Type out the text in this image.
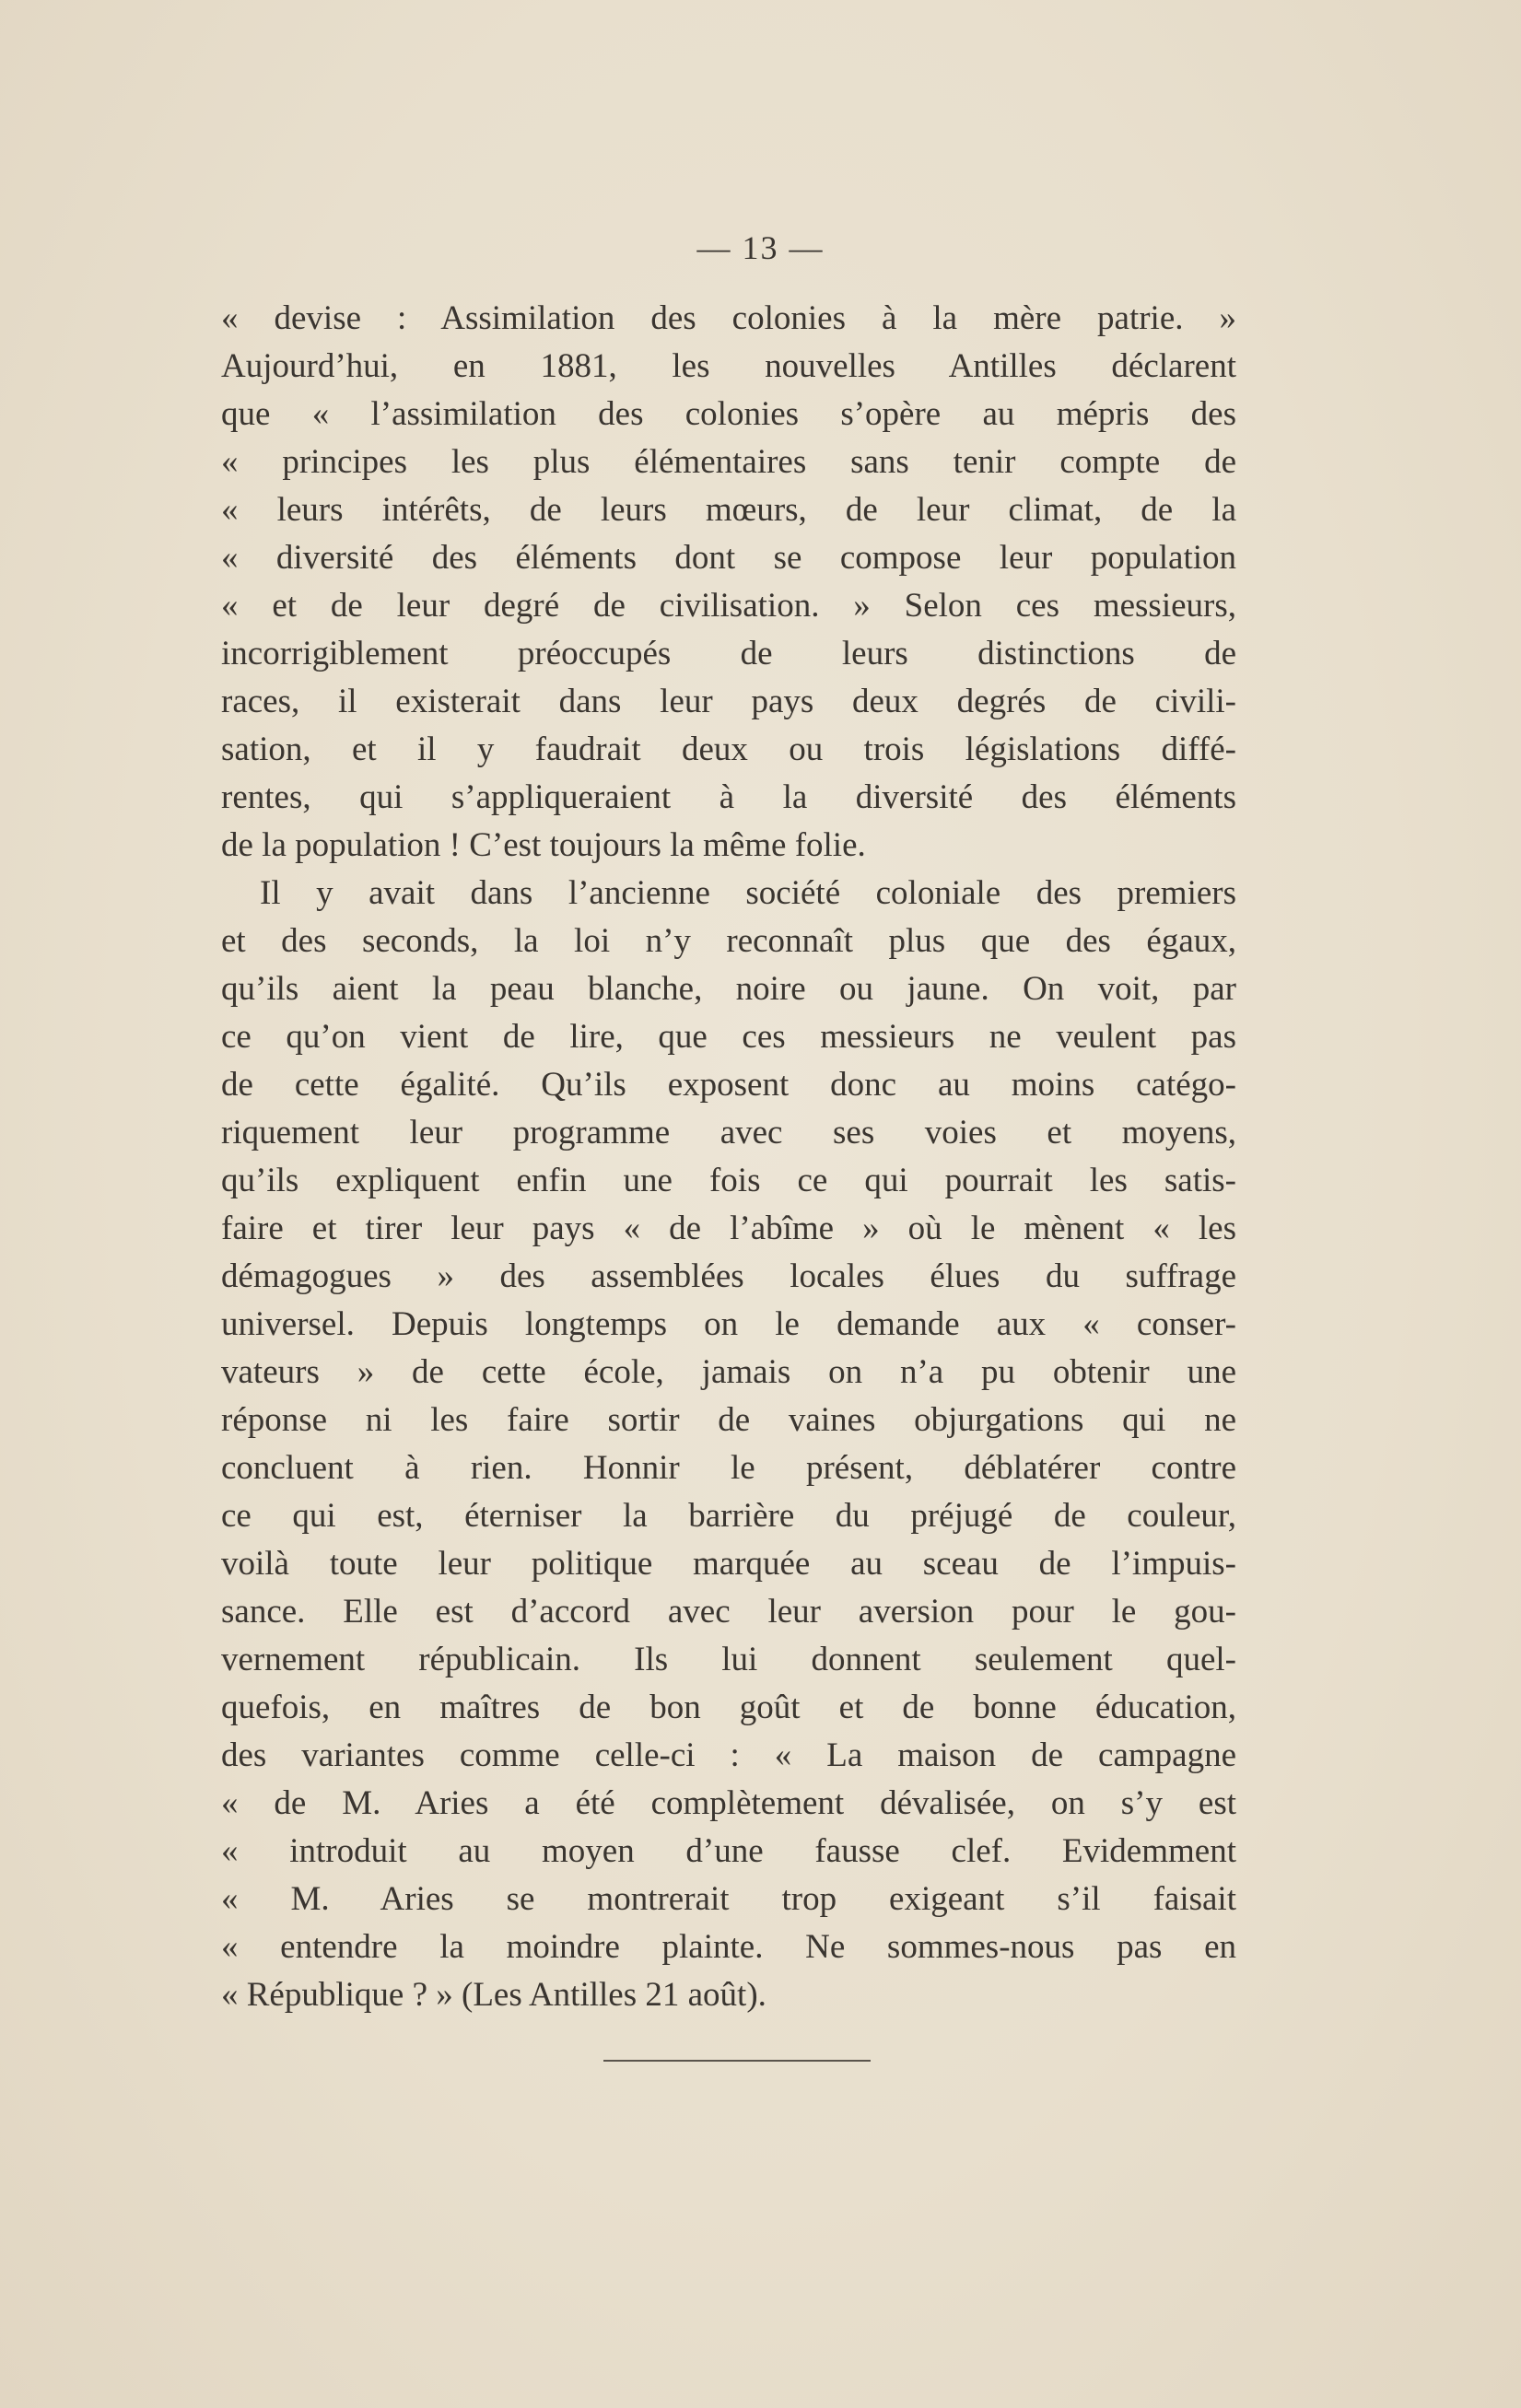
— 13 —
« devise : Assimilation des colonies à la mère patrie. »
Aujourd’hui, en 1881, les nouvelles Antilles déclarent
que « l’assimilation des colonies s’opère au mépris des
« principes les plus élémentaires sans tenir compte de
« leurs intérêts, de leurs mœurs, de leur climat, de la
« diversité des éléments dont se compose leur population
« et de leur degré de civilisation. » Selon ces messieurs,
incorrigiblement préoccupés de leurs distinctions de
races, il existerait dans leur pays deux degrés de civili-
sation, et il y faudrait deux ou trois législations diffé-
rentes, qui s’appliqueraient à la diversité des éléments
de la population ! C’est toujours la même folie.
Il y avait dans l’ancienne société coloniale des premiers
et des seconds, la loi n’y reconnaît plus que des égaux,
qu’ils aient la peau blanche, noire ou jaune. On voit, par
ce qu’on vient de lire, que ces messieurs ne veulent pas
de cette égalité. Qu’ils exposent donc au moins catégo-
riquement leur programme avec ses voies et moyens,
qu’ils expliquent enfin une fois ce qui pourrait les satis-
faire et tirer leur pays « de l’abîme » où le mènent « les
démagogues » des assemblées locales élues du suffrage
universel. Depuis longtemps on le demande aux « conser-
vateurs » de cette école, jamais on n’a pu obtenir une
réponse ni les faire sortir de vaines objurgations qui ne
concluent à rien. Honnir le présent, déblatérer contre
ce qui est, éterniser la barrière du préjugé de couleur,
voilà toute leur politique marquée au sceau de l’impuis-
sance. Elle est d’accord avec leur aversion pour le gou-
vernement républicain. Ils lui donnent seulement quel-
quefois, en maîtres de bon goût et de bonne éducation,
des variantes comme celle-ci : « La maison de campagne
« de M. Aries a été complètement dévalisée, on s’y est
« introduit au moyen d’une fausse clef. Evidemment
« M. Aries se montrerait trop exigeant s’il faisait
« entendre la moindre plainte. Ne sommes-nous pas en
« République ? » (Les Antilles 21 août).
